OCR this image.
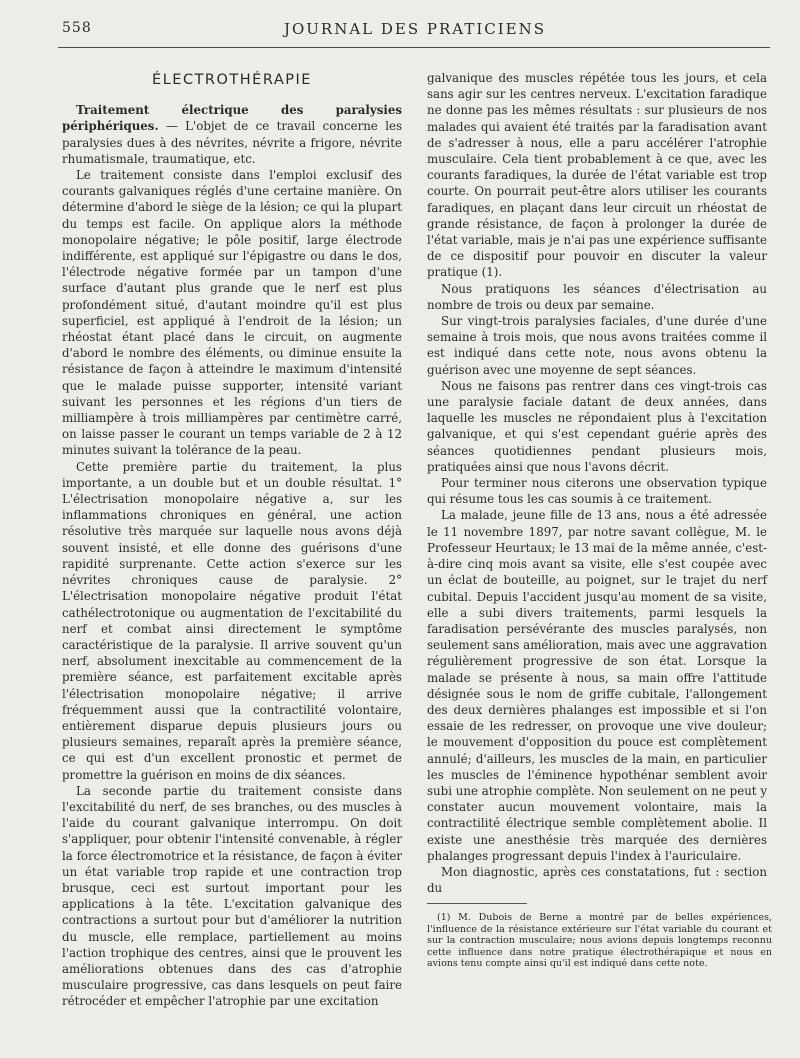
558	JOURNAL DES PRATICIENS
ÉLECTROTHÉRAPIE

Traitement électrique des paralysies périphériques. — L'objet de ce travail concerne les paralysies dues à des névrites, névrite a frigore, névrite rhumatismale, traumatique, etc.

Le traitement consiste dans l'emploi exclusif des courants galvaniques réglés d'une certaine manière. On détermine d'abord le siège de la lésion; ce qui la plupart du temps est facile. On applique alors la méthode monopolaire négative; le pôle positif, large électrode indifférente, est appliqué sur l'épigastre ou dans le dos, l'électrode négative formée par un tampon d'une surface d'autant plus grande que le nerf est plus profondément situé, d'autant moindre qu'il est plus superficiel, est appliqué à l'endroit de la lésion; un rhéostat étant placé dans le circuit, on augmente d'abord le nombre des éléments, ou diminue ensuite la résistance de façon à atteindre le maximum d'intensité que le malade puisse supporter, intensité variant suivant les personnes et les régions d'un tiers de milliampère à trois milliampères par centimètre carré, on laisse passer le courant un temps variable de 2 à 12 minutes suivant la tolérance de la peau.

Cette première partie du traitement, la plus importante, a un double but et un double résultat. 1° L'électrisation monopolaire négative a, sur les inflammations chroniques en général, une action résolutive très marquée sur laquelle nous avons déjà souvent insisté, et elle donne des guérisons d'une rapidité surprenante. Cette action s'exerce sur les névrites chroniques cause de paralysie. 2° L'électrisation monopolaire négative produit l'état cathélectrotonique ou augmentation de l'excitabilité du nerf et combat ainsi directement le symptôme caractéristique de la paralysie. Il arrive souvent qu'un nerf, absolument inexcitable au commencement de la première séance, est parfaitement excitable après l'électrisation monopolaire négative; il arrive fréquemment aussi que la contractilité volontaire, entièrement disparue depuis plusieurs jours ou plusieurs semaines, reparaît après la première séance, ce qui est d'un excellent pronostic et permet de promettre la guérison en moins de dix séances.

La seconde partie du traitement consiste dans l'excitabilité du nerf, de ses branches, ou des muscles à l'aide du courant galvanique interrompu. On doit s'appliquer, pour obtenir l'intensité convenable, à régler la force électromotrice et la résistance, de façon à éviter un état variable trop rapide et une contraction trop brusque, ceci est surtout important pour les applications à la tête. L'excitation galvanique des contractions a surtout pour but d'améliorer la nutrition du muscle, elle remplace, partiellement au moins l'action trophique des centres, ainsi que le prouvent les améliorations obtenues dans des cas d'atrophie musculaire progressive, cas dans lesquels on peut faire rétrocéder et empêcher l'atrophie par une excitation

galvanique des muscles répétée tous les jours, et cela sans agir sur les centres nerveux. L'excitation faradique ne donne pas les mêmes résultats : sur plusieurs de nos malades qui avaient été traités par la faradisation avant de s'adresser à nous, elle a paru accélérer l'atrophie musculaire. Cela tient probablement à ce que, avec les courants faradiques, la durée de l'état variable est trop courte. On pourrait peut-être alors utiliser les courants faradiques, en plaçant dans leur circuit un rhéostat de grande résistance, de façon à prolonger la durée de l'état variable, mais je n'ai pas une expérience suffisante de ce dispositif pour pouvoir en discuter la valeur pratique (1).

Nous pratiquons les séances d'électrisation au nombre de trois ou deux par semaine.

Sur vingt-trois paralysies faciales, d'une durée d'une semaine à trois mois, que nous avons traitées comme il est indiqué dans cette note, nous avons obtenu la guérison avec une moyenne de sept séances.

Nous ne faisons pas rentrer dans ces vingt-trois cas une paralysie faciale datant de deux années, dans laquelle les muscles ne répondaient plus à l'excitation galvanique, et qui s'est cependant guérie après des séances quotidiennes pendant plusieurs mois, pratiquées ainsi que nous l'avons décrit.

Pour terminer nous citerons une observation typique qui résume tous les cas soumis à ce traitement.

La malade, jeune fille de 13 ans, nous a été adressée le 11 novembre 1897, par notre savant collègue, M. le Professeur Heurtaux; le 13 mai de la même année, c'est-à-dire cinq mois avant sa visite, elle s'est coupée avec un éclat de bouteille, au poignet, sur le trajet du nerf cubital. Depuis l'accident jusqu'au moment de sa visite, elle a subi divers traitements, parmi lesquels la faradisation persévérante des muscles paralysés, non seulement sans amélioration, mais avec une aggravation régulièrement progressive de son état. Lorsque la malade se présente à nous, sa main offre l'attitude désignée sous le nom de griffe cubitale, l'allongement des deux dernières phalanges est impossible et si l'on essaie de les redresser, on provoque une vive douleur; le mouvement d'opposition du pouce est complètement annulé; d'ailleurs, les muscles de la main, en particulier les muscles de l'éminence hypothénar semblent avoir subi une atrophie complète. Non seulement on ne peut y constater aucun mouvement volontaire, mais la contractilité électrique semble complètement abolie. Il existe une anesthésie très marquée des dernières phalanges progressant depuis l'index à l'auriculaire.

Mon diagnostic, après ces constatations, fut : section du

(1) M. Dubois de Berne a montré par de belles expériences, l'influence de la résistance extérieure sur l'état variable du courant et sur la contraction musculaire; nous avions depuis longtemps reconnu cette influence dans notre pratique électrothérapique et nous en avions tenu compte ainsi qu'il est indiqué dans cette note.
